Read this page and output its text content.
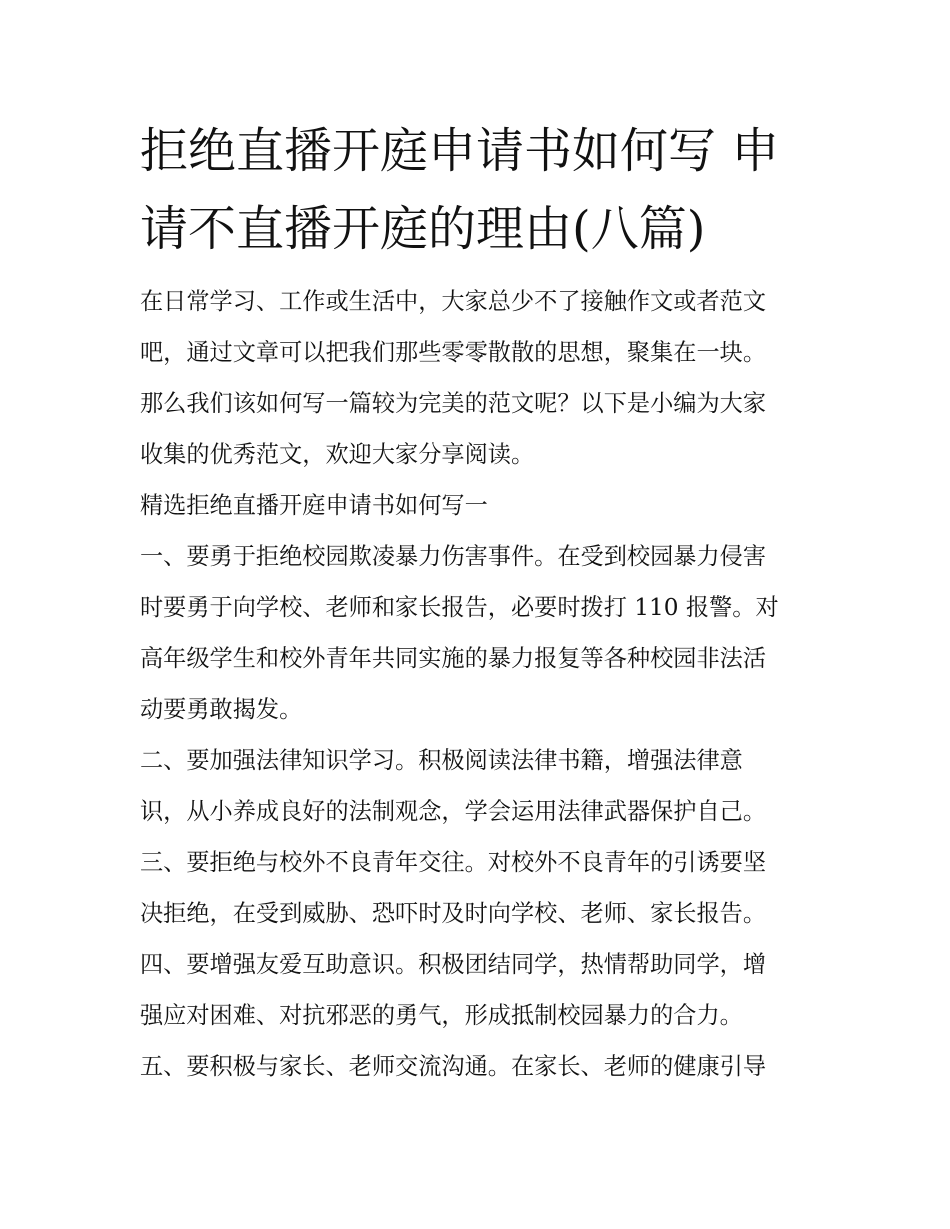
拒绝直播开庭申请书如何写 申
请不直播开庭的理由(八篇)
在日常学习、工作或生活中，大家总少不了接触作文或者范文
吧，通过文章可以把我们那些零零散散的思想，聚集在一块。
那么我们该如何写一篇较为完美的范文呢？以下是小编为大家
收集的优秀范文，欢迎大家分享阅读。
精选拒绝直播开庭申请书如何写一
一、要勇于拒绝校园欺凌暴力伤害事件。在受到校园暴力侵害
时要勇于向学校、老师和家长报告，必要时拨打 110 报警。对
高年级学生和校外青年共同实施的暴力报复等各种校园非法活
动要勇敢揭发。
二、要加强法律知识学习。积极阅读法律书籍，增强法律意
识，从小养成良好的法制观念，学会运用法律武器保护自己。
三、要拒绝与校外不良青年交往。对校外不良青年的引诱要坚
决拒绝，在受到威胁、恐吓时及时向学校、老师、家长报告。
四、要增强友爱互助意识。积极团结同学，热情帮助同学，增
强应对困难、对抗邪恶的勇气，形成抵制校园暴力的合力。
五、要积极与家长、老师交流沟通。在家长、老师的健康引导
